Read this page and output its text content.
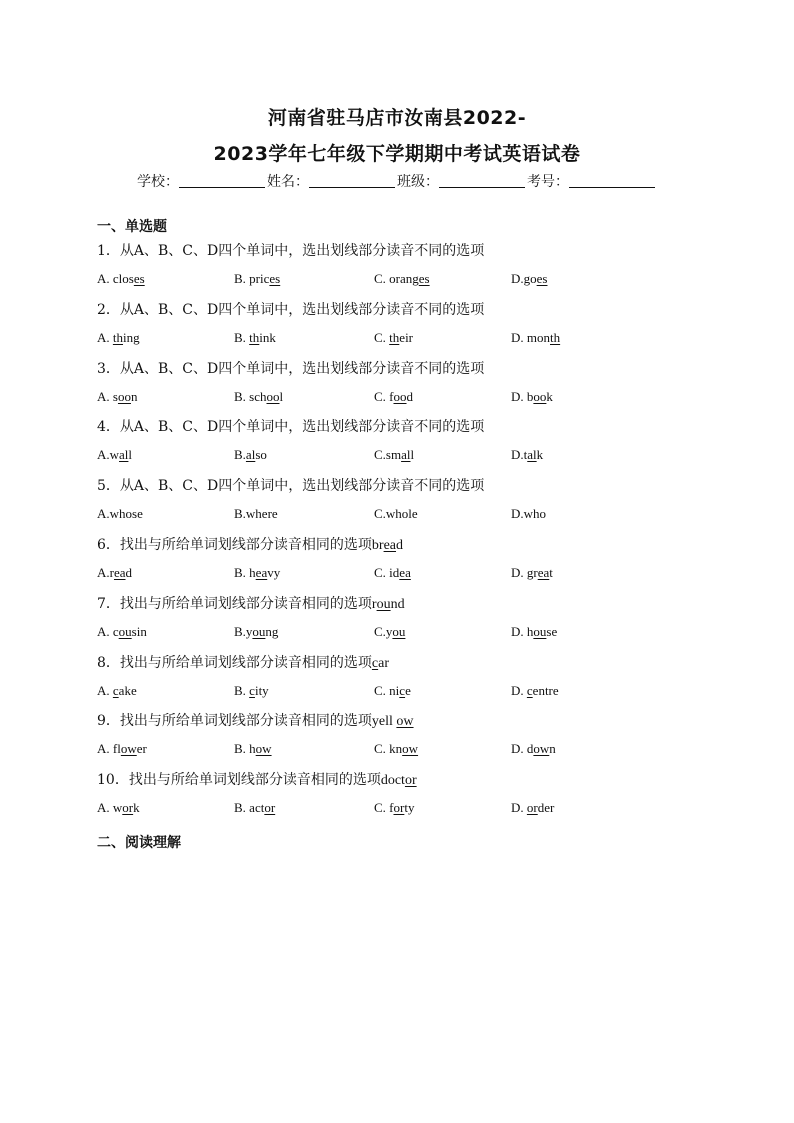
河南省驻马店市汝南县2022-
2023学年七年级下学期期中考试英语试卷
学校：	姓名：	班级：	考号：
一、单选题
1．从A、B、C、D四个单词中，选出划线部分读音不同的选项
A. closes	B. prices	C. oranges	D.goes
2．从A、B、C、D四个单词中，选出划线部分读音不同的选项
A. thing	B. think	C. their	D. month
3．从A、B、C、D四个单词中，选出划线部分读音不同的选项
A. soon	B. school	C. food	D. book
4．从A、B、C、D四个单词中，选出划线部分读音不同的选项
A.wall	B.also	C.small	D.talk
5．从A、B、C、D四个单词中，选出划线部分读音不同的选项
A.whose	B.where	C.whole	D.who
6．找出与所给单词划线部分读音相同的选项bread
A.read	B. heavy	C. idea	D. great
7．找出与所给单词划线部分读音相同的选项round
A. cousin	B.young	C.you	D. house
8．找出与所给单词划线部分读音相同的选项car
A. cake	B. city	C. nice	D. centre
9．找出与所给单词划线部分读音相同的选项yell ow
A. flower	B. how	C. know	D. down
10．找出与所给单词划线部分读音相同的选项doctor
A. work	B. actor	C. forty	D. order
二、阅读理解
